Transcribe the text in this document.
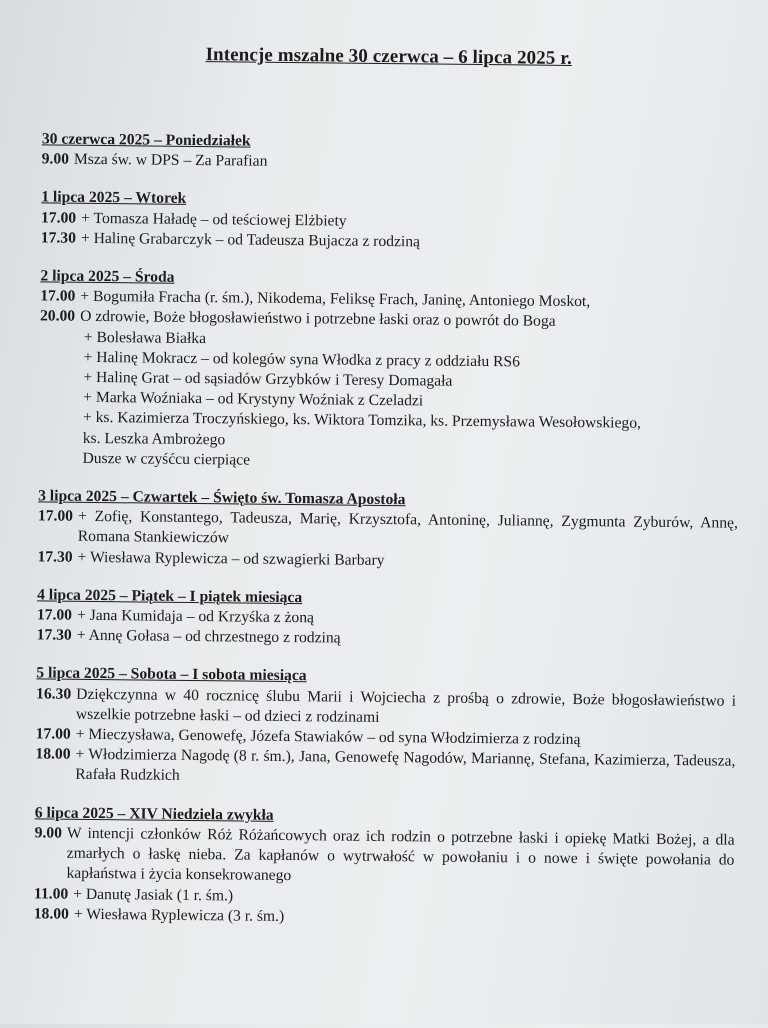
Intencje mszalne 30 czerwca – 6 lipca 2025 r.
30 czerwca 2025 – Poniedziałek
9.00 Msza św. w DPS – Za Parafian
1 lipca 2025 – Wtorek
17.00 + Tomasza Haładę – od teściowej Elżbiety
17.30 + Halinę Grabarczyk – od Tadeusza Bujacza z rodziną
2 lipca 2025 – Środa
17.00 + Bogumiła Fracha (r. śm.), Nikodema, Feliksę Frach, Janinę, Antoniego Moskot,
20.00 O zdrowie, Boże błogosławieństwo i potrzebne łaski oraz o powrót do Boga
+ Bolesława Białka
+ Halinę Mokracz – od kolegów syna Włodka z pracy z oddziału RS6
+ Halinę Grat – od sąsiadów Grzybków i Teresy Domagała
+ Marka Woźniaka – od Krystyny Woźniak z Czeladzi
+ ks. Kazimierza Troczyńskiego, ks. Wiktora Tomzika, ks. Przemysława Wesołowskiego,
ks. Leszka Ambrożego
Dusze w czyśćcu cierpiące
3 lipca 2025 – Czwartek – Święto św. Tomasza Apostoła
17.00 + Zofię, Konstantego, Tadeusza, Marię, Krzysztofa, Antoninę, Juliannę, Zygmunta Zyburów, Annę, Romana Stankiewiczów
17.30 + Wiesława Ryplewicza – od szwagierki Barbary
4 lipca 2025 – Piątek – I piątek miesiąca
17.00 + Jana Kumidaja – od Krzyśka z żoną
17.30 + Annę Gołasa – od chrzestnego z rodziną
5 lipca 2025 – Sobota – I sobota miesiąca
16.30 Dziękczynna w 40 rocznicę ślubu Marii i Wojciecha z prośbą o zdrowie, Boże błogosławieństwo i wszelkie potrzebne łaski – od dzieci z rodzinami
17.00 + Mieczysława, Genowefę, Józefa Stawiaków – od syna Włodzimierza z rodziną
18.00 + Włodzimierza Nagodę (8 r. śm.), Jana, Genowefę Nagodów, Mariannę, Stefana, Kazimierza, Tadeusza, Rafała Rudzkich
6 lipca 2025 – XIV Niedziela zwykła
9.00 W intencji członków Róż Różańcowych oraz ich rodzin o potrzebne łaski i opiekę Matki Bożej, a dla zmarłych o łaskę nieba. Za kapłanów o wytrwałość w powołaniu i o nowe i święte powołania do kapłaństwa i życia konsekrowanego
11.00 + Danutę Jasiak (1 r. śm.)
18.00 + Wiesława Ryplewicza (3 r. śm.)
